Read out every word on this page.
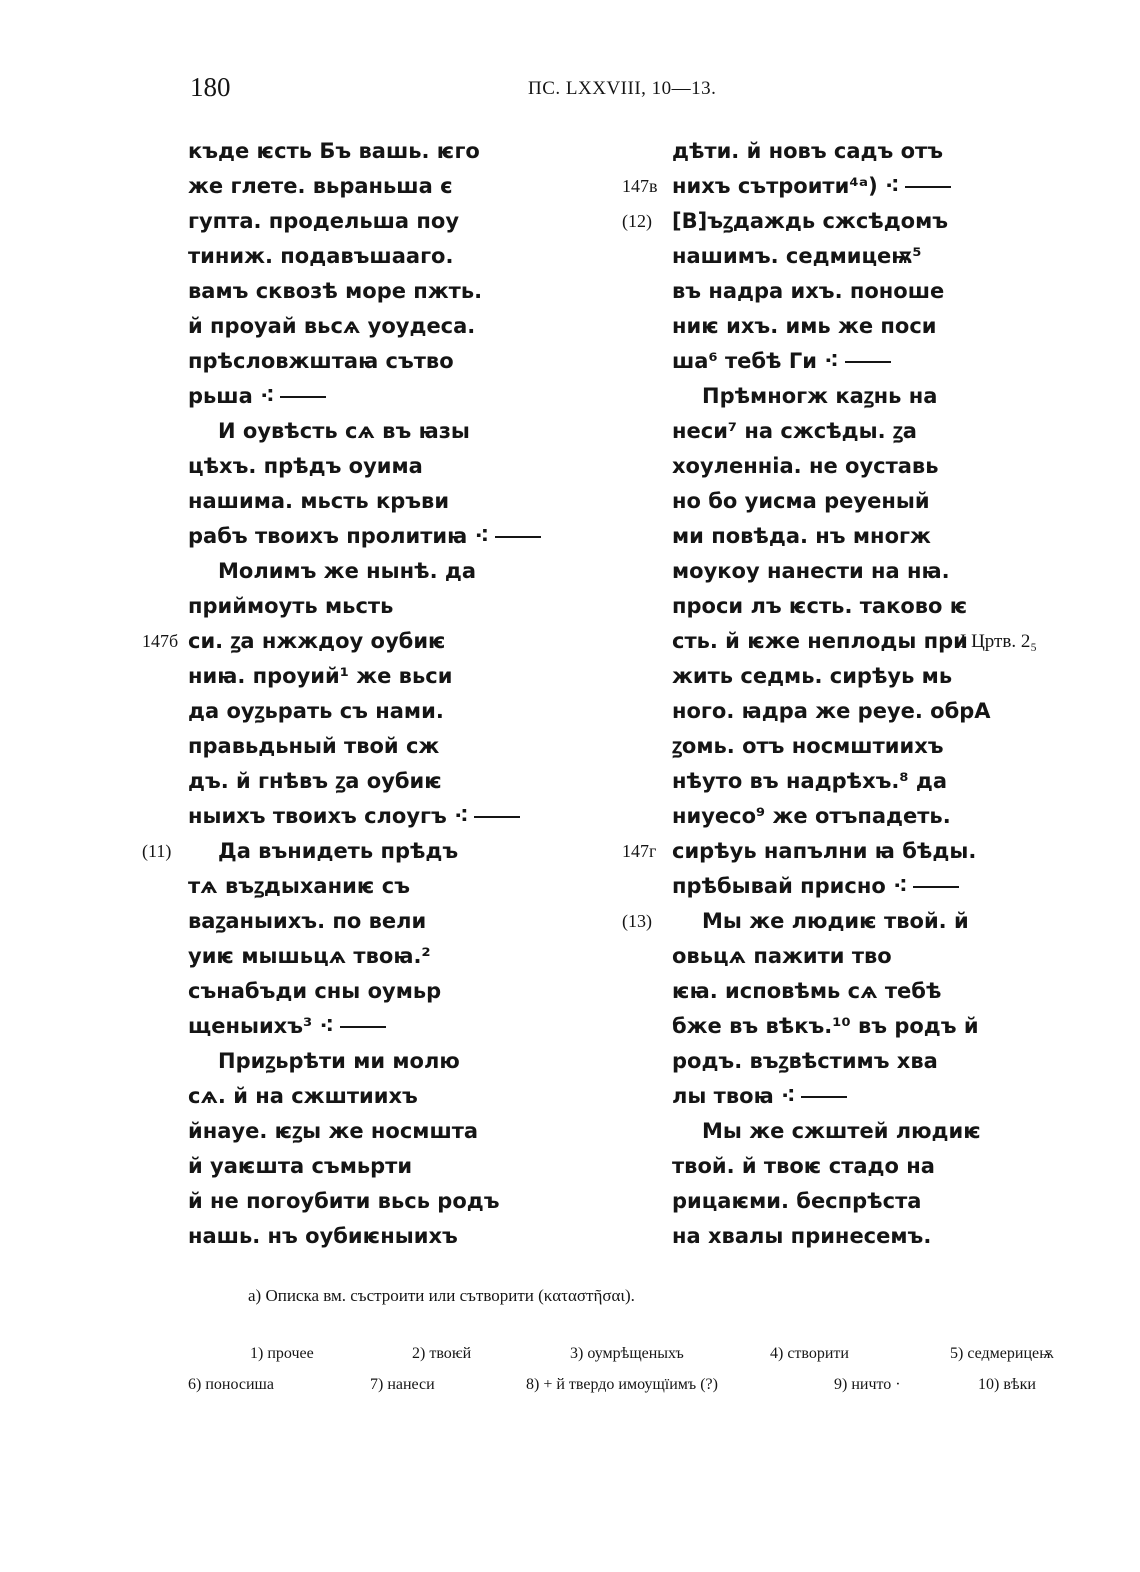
180	ПС. LXXVIII, 10—13.
къде ѥсть Бъ вашь. ѥго
же глете. вьраньша є
гупта. продельша поу
тиниж. подавъшааго.
вамъ сквозѣ море пжть.
й проуай вьсѧ уоудеса.
прѣсловжштаꙗ сътво
рьша ⁖
И оувѣсть сѧ въ ꙗзы
цѣхъ. прѣдъ оуима
нашима. мьсть кръви
рабъ твоихъ пролитиꙗ ⁖
Молимъ же нынѣ. да
приймоуть мьсть
147б си. ꙁа нжждоу оубиѥ
ниꙗ. проуий¹ же вьси
да оуꙁьрать съ нами.
правьдьный твой сж
дъ. й гнѣвъ ꙁа оубиѥ
ныихъ твоихъ слоугъ ⁖
(11) Да вънидеть прѣдъ
тѧ въꙁдыханиѥ съ
ваꙁаныихъ. по вели
уиѥ мышьцѧ твоꙗ.²
сънабъди сны оумьр
щеныихъ³ ⁖
Приꙁьрѣти ми молю
сѧ. й на сжштиихъ
йнауе. ѥꙁы же носмшта
й уаѥшта съмьрти
й не погоубити вьсь родъ
нашь. нъ оубиѥныихъ
дѣти. й новъ садъ отъ
147в нихъ сътроити⁴ᵃ) ⁖
(12) [В]ъꙁдаждь сжсѣдомъ
нашимъ. седмицеѭ⁵
въ надра ихъ. поноше
ниѥ ихъ. имь же поси
ша⁶ тебѣ Ги ⁖
Прѣмногж каꙁнь на
неси⁷ на сжсѣды. ꙁа
хоуленніа. не оуставь
но бо уисма реуеный
ми повѣда. нъ многж
моукоу нанести на нꙗ.
проси лъ ѥсть. таково ѥ
сть. й ѥже неплоды при
I Цртв. 2₅
жить седмь. сирѣуь мь
ного. ꙗдра же реуе. обрА
ꙁомь. отъ носмштиихъ
нѣуто въ надрѣхъ.⁸ да
ниуесо⁹ же отъпадеть.
147г сирѣуь напълни ꙗ бѣды.
прѣбывай присно ⁖
(13) Мы же людиѥ твой. й
овьцѧ пажити тво
ѥꙗ. исповѣмь сѧ тебѣ
бже въ вѣкъ.¹⁰ въ родъ й
родъ. въꙁвѣстимъ хва
лы твоꙗ ⁖
Мы же сжштей людиѥ
твой. й твоѥ стадо на
рицаѥми. беспрѣста
на хвалы принесемъ.
а) Описка вм. състроити или сътворити (κατασтῆσαι).
1) прочее	2) твоѥй	3) оумрѣщеныхъ	4) створити	5) седмерицеѭ
6) поносиша	7) нанеси	8) + й твердо имоущїимъ (?)	9) ничто ·	10) вѣки
